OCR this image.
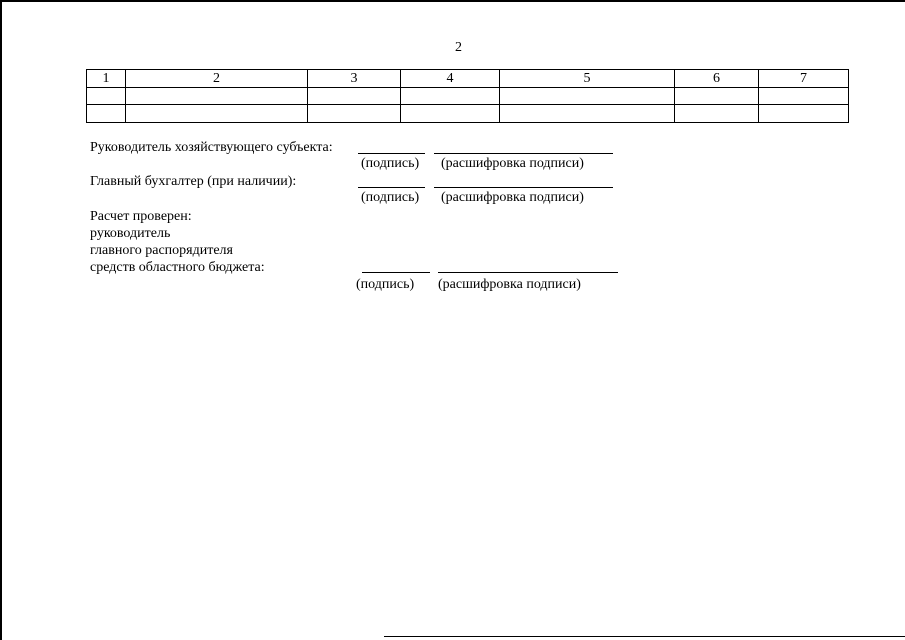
2
1	2	3	4	5	6	7

Руководитель хозяйствующего субъекта:
(подпись) (расшифровка подписи)
Главный бухгалтер (при наличии):
(подпись) (расшифровка подписи)
Расчет проверен:
руководитель
главного распорядителя
средств областного бюджета:
(подпись) (расшифровка подписи)
